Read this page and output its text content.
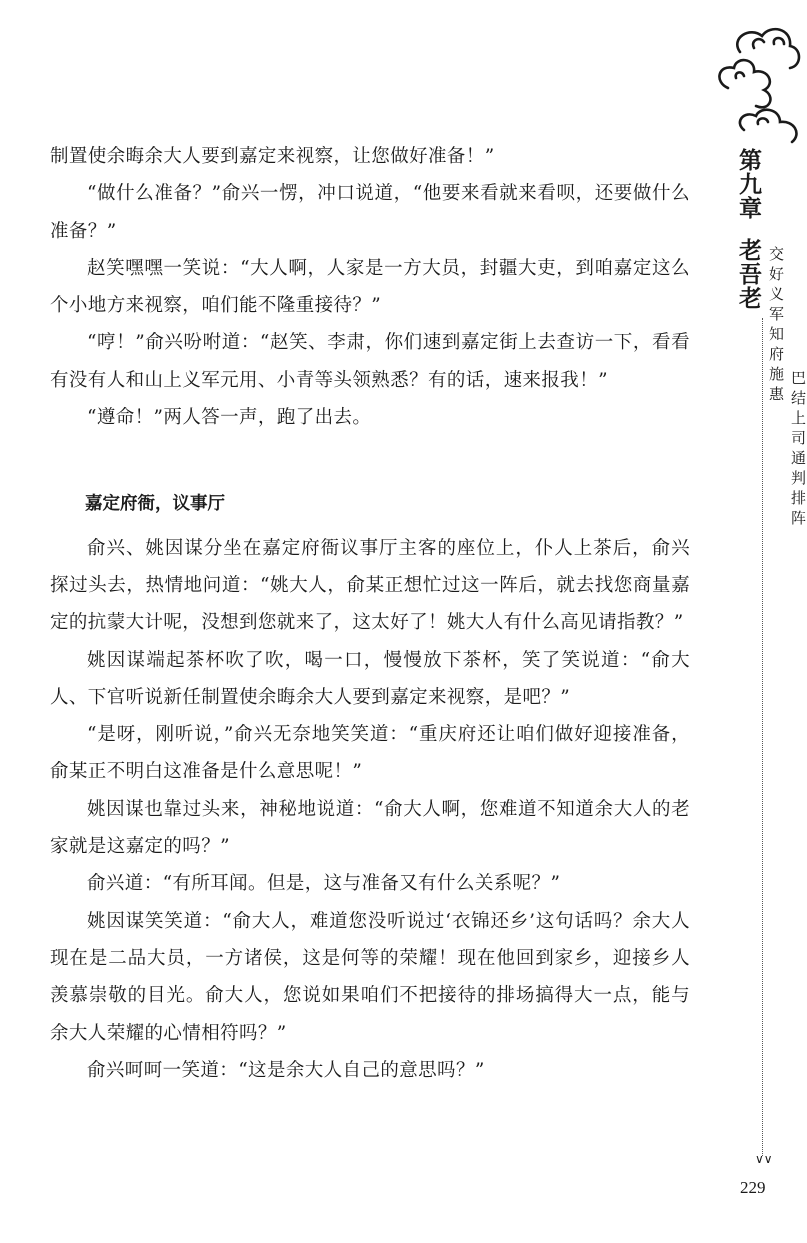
制置使余晦余大人要到嘉定来视察，让您做好准备！”

“做什么准备？”俞兴一愣，冲口说道，“他要来看就来看呗，还要做什么准备？”

赵笑嘿嘿一笑说：“大人啊，人家是一方大员，封疆大吏，到咱嘉定这么个小地方来视察，咱们能不隆重接待？”

“哼！”俞兴吩咐道：“赵笑、李肃，你们速到嘉定街上去查访一下，看看有没有人和山上义军元用、小青等头领熟悉？有的话，速来报我！”

“遵命！”两人答一声，跑了出去。

嘉定府衙，议事厅

俞兴、姚因谋分坐在嘉定府衙议事厅主客的座位上，仆人上茶后，俞兴探过头去，热情地问道：“姚大人，俞某正想忙过这一阵后，就去找您商量嘉定的抗蒙大计呢，没想到您就来了，这太好了！姚大人有什么高见请指教？”

姚因谋端起茶杯吹了吹，喝一口，慢慢放下茶杯，笑了笑说道：“俞大人、下官听说新任制置使余晦余大人要到嘉定来视察，是吧？”

“是呀，刚听说，”俞兴无奈地笑笑道：“重庆府还让咱们做好迎接准备，俞某正不明白这准备是什么意思呢！”

姚因谋也靠过头来，神秘地说道：“俞大人啊，您难道不知道余大人的老家就是这嘉定的吗？”

俞兴道：“有所耳闻。但是，这与准备又有什么关系呢？”

姚因谋笑笑道：“俞大人，难道您没听说过‘衣锦还乡’这句话吗？余大人现在是二品大员，一方诸侯，这是何等的荣耀！现在他回到家乡，迎接乡人羡慕崇敬的目光。俞大人，您说如果咱们不把接待的排场搞得大一点，能与余大人荣耀的心情相符吗？”

俞兴呵呵一笑道：“这是余大人自己的意思吗？”

第九章
老吾老 交好义军知府施惠
巴结上司通判排阵
∨∨
229
